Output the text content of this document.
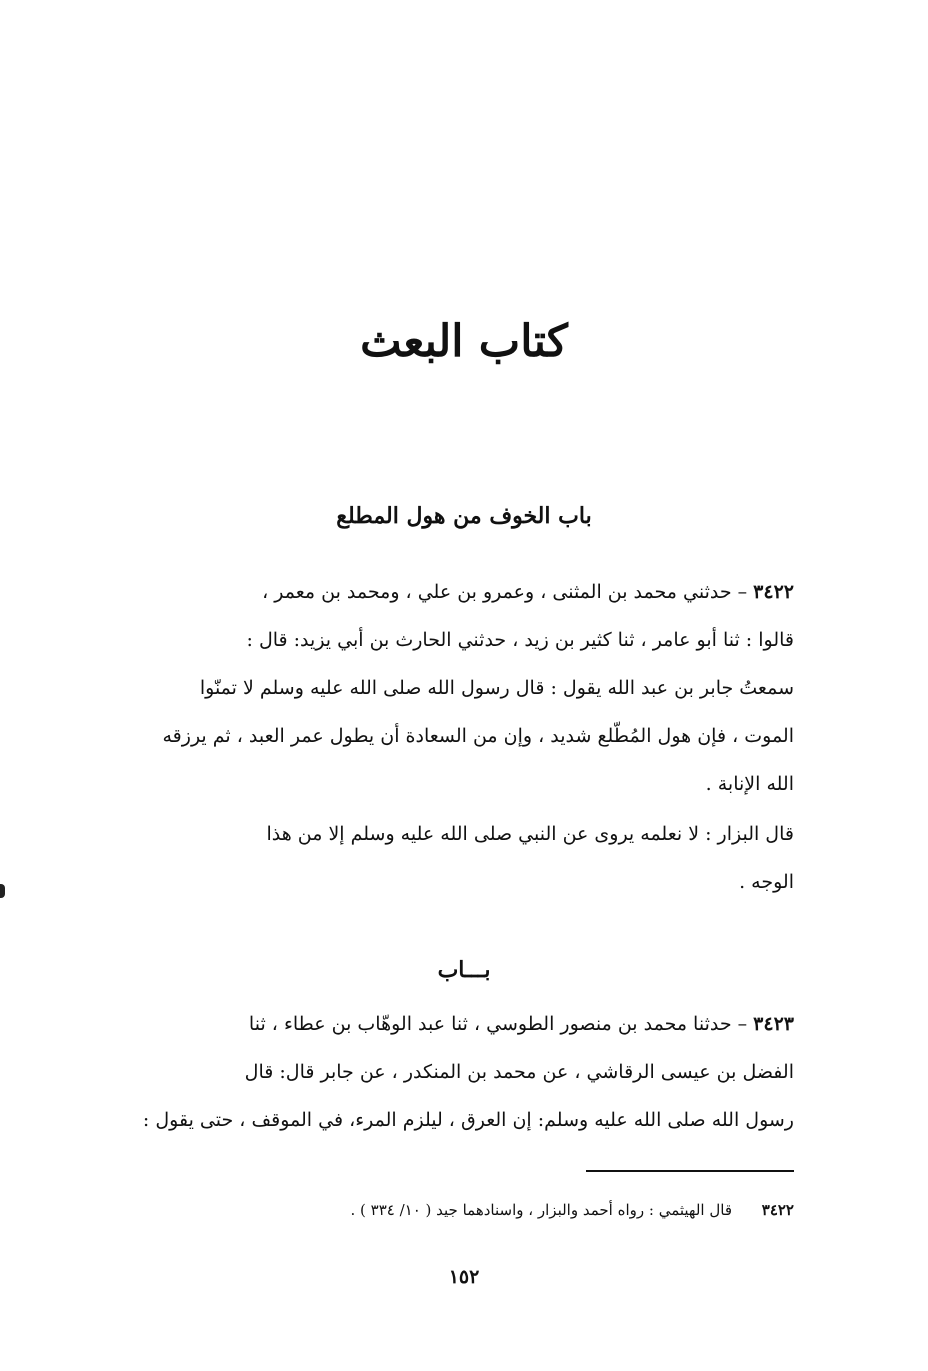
كتاب البعث
باب الخوف من هول المطلع

٣٤٢٢ – حدثني محمد بن المثنى ، وعمرو بن علي ، ومحمد بن معمر ،

قالوا : ثنا أبو عامر ، ثنا كثير بن زيد ، حدثني الحارث بن أبي يزيد: قال :

سمعتُ جابر بن عبد الله يقول : قال رسول الله صلى الله عليه وسلم لا تمنّوا

الموت ، فإن هول المُطّلع شديد ، وإن من السعادة أن يطول عمر العبد ، ثم يرزقه

الله الإنابة .

قال البزار : لا نعلمه يروى عن النبي صلى الله عليه وسلم إلا من هذا

الوجه .

بـــاب

٣٤٢٣ – حدثنا محمد بن منصور الطوسي ، ثنا عبد الوهّاب بن عطاء ، ثنا

الفضل بن عيسى الرقاشي ، عن محمد بن المنكدر ، عن جابر قال: قال

رسول الله صلى الله عليه وسلم: إن العرق ، ليلزم المرء، في الموقف ، حتى يقول :

٣٤٢٢قال الهيثمي : رواه أحمد والبزار ، واسنادهما جيد ( ١٠/ ٣٣٤ ) .
١٥٢
